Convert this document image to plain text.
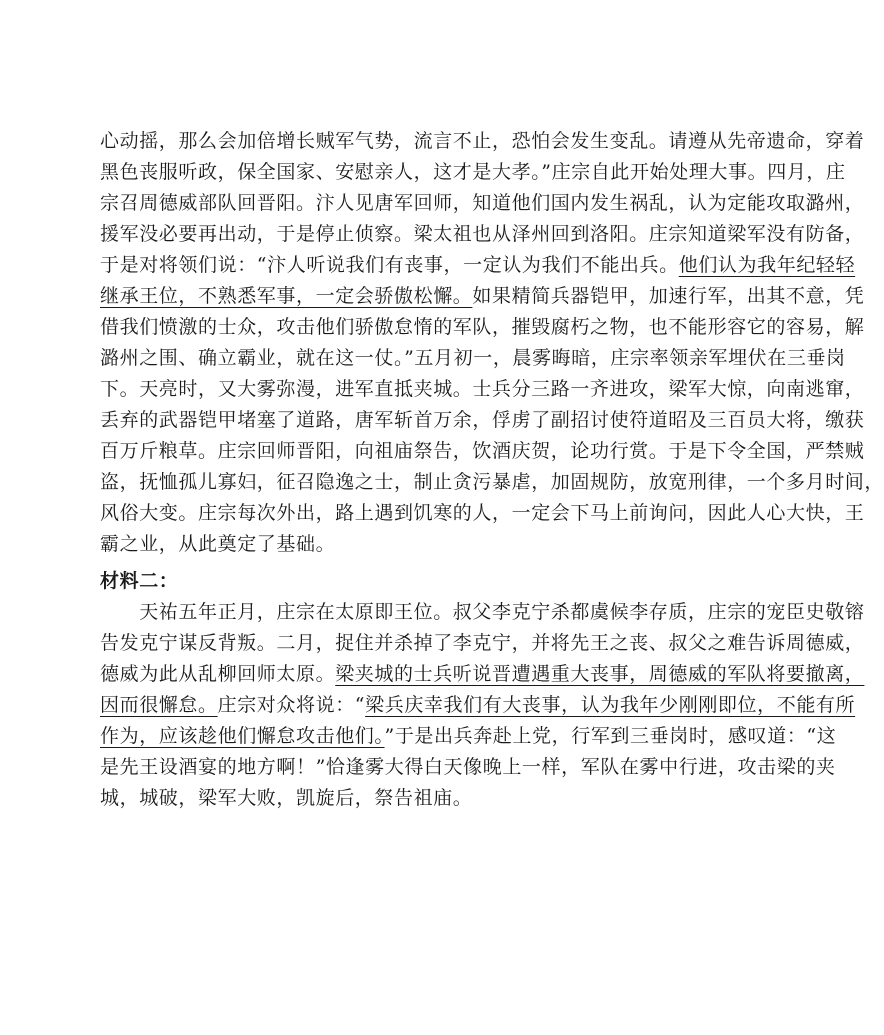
心动摇，那么会加倍增长贼军气势，流言不止，恐怕会发生变乱。请遵从先帝遗命，穿着
黑色丧服听政，保全国家、安慰亲人，这才是大孝。”庄宗自此开始处理大事。四月，庄
宗召周德威部队回晋阳。汴人见唐军回师，知道他们国内发生祸乱，认为定能攻取潞州，
援军没必要再出动，于是停止侦察。梁太祖也从泽州回到洛阳。庄宗知道梁军没有防备，
于是对将领们说：“汴人听说我们有丧事，一定认为我们不能出兵。他们认为我年纪轻轻
继承王位，不熟悉军事，一定会骄傲松懈。如果精简兵器铠甲，加速行军，出其不意，凭
借我们愤激的士众，攻击他们骄傲怠惰的军队，摧毁腐朽之物，也不能形容它的容易，解
潞州之围、确立霸业，就在这一仗。”五月初一，晨雾晦暗，庄宗率领亲军埋伏在三垂岗
下。天亮时，又大雾弥漫，进军直抵夹城。士兵分三路一齐进攻，梁军大惊，向南逃窜，
丢弃的武器铠甲堵塞了道路，唐军斩首万余，俘虏了副招讨使符道昭及三百员大将，缴获
百万斤粮草。庄宗回师晋阳，向祖庙祭告，饮酒庆贺，论功行赏。于是下令全国，严禁贼
盗，抚恤孤儿寡妇，征召隐逸之士，制止贪污暴虐，加固规防，放宽刑律，一个多月时间，
风俗大变。庄宗每次外出，路上遇到饥寒的人，一定会下马上前询问，因此人心大快，王
霸之业，从此奠定了基础。
材料二：
　　天祐五年正月，庄宗在太原即王位。叔父李克宁杀都虞候李存质，庄宗的宠臣史敬镕
告发克宁谋反背叛。二月，捉住并杀掉了李克宁，并将先王之丧、叔父之难告诉周德威，
德威为此从乱柳回师太原。梁夹城的士兵听说晋遭遇重大丧事，周德威的军队将要撤离，
因而很懈怠。庄宗对众将说：“梁兵庆幸我们有大丧事，认为我年少刚刚即位，不能有所
作为，应该趁他们懈怠攻击他们。”于是出兵奔赴上党，行军到三垂岗时，感叹道：“这
是先王设酒宴的地方啊！”恰逢雾大得白天像晚上一样，军队在雾中行进，攻击梁的夹
城，城破，梁军大败，凯旋后，祭告祖庙。
